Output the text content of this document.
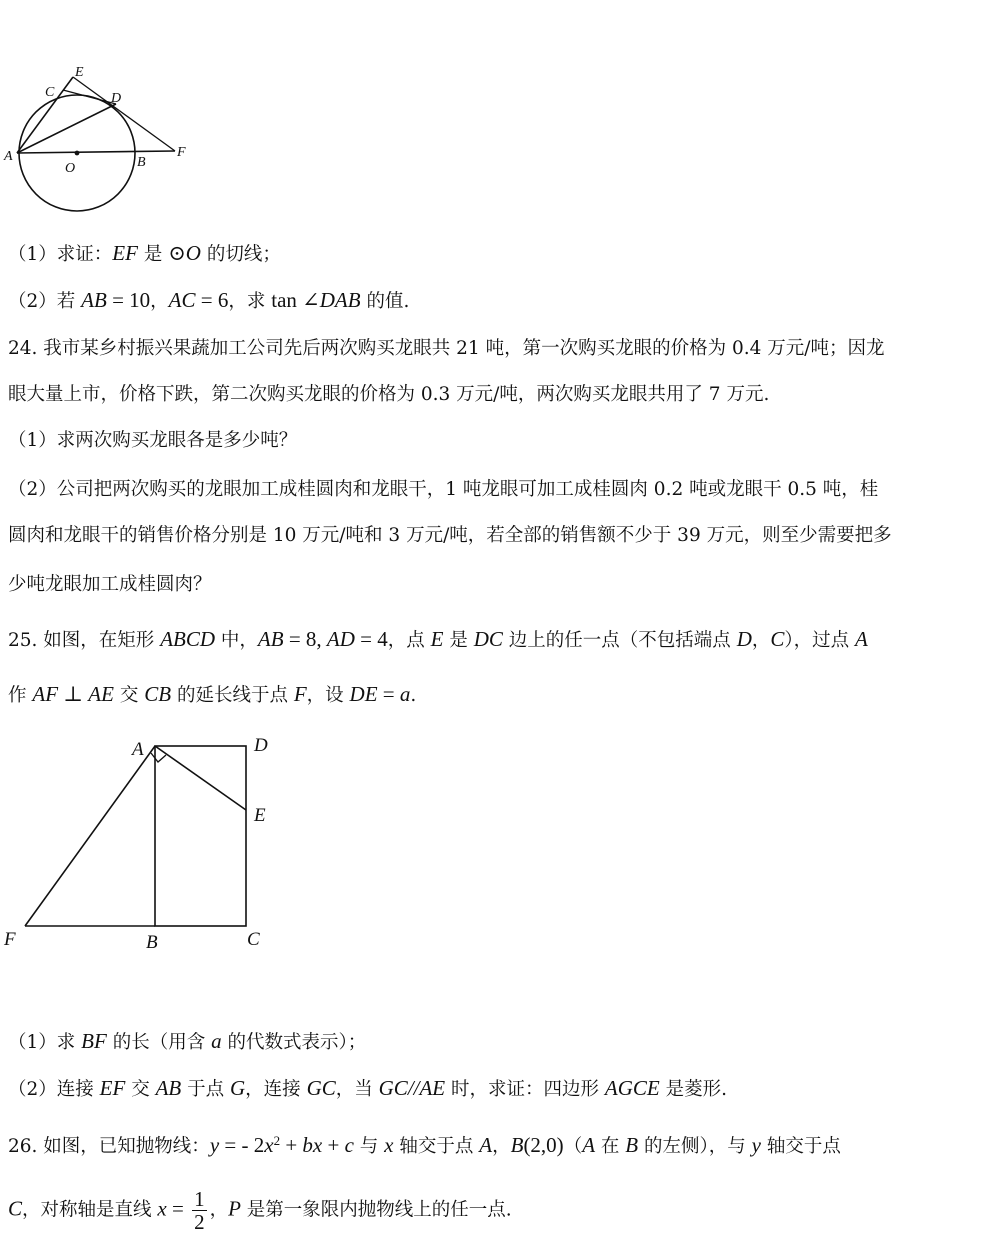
A
C
E
D
O	B
F
（1）求证：EF 是 ⊙O 的切线；
（2）若 AB = 10，AC = 6，求 tan ∠DAB 的值.
24. 我市某乡村振兴果蔬加工公司先后两次购买龙眼共 21 吨，第一次购买龙眼的价格为 0.4 万元/吨；因龙
眼大量上市，价格下跌，第二次购买龙眼的价格为 0.3 万元/吨，两次购买龙眼共用了 7 万元.
（1）求两次购买龙眼各是多少吨？
（2）公司把两次购买的龙眼加工成桂圆肉和龙眼干，1 吨龙眼可加工成桂圆肉 0.2 吨或龙眼干 0.5 吨，桂
圆肉和龙眼干的销售价格分别是 10 万元/吨和 3 万元/吨，若全部的销售额不少于 39 万元，则至少需要把多
少吨龙眼加工成桂圆肉？
25. 如图，在矩形 ABCD 中，AB = 8, AD = 4，点 E 是 DC 边上的任一点（不包括端点 D，C），过点 A
作 AF ⊥ AE 交 CB 的延长线于点 F，设 DE = a.
A	D
E
F	B	C
（1）求 BF 的长（用含 a 的代数式表示）；
（2）连接 EF 交 AB 于点 G，连接 GC，当 GC//AE 时，求证：四边形 AGCE 是菱形.
26. 如图，已知抛物线：y = - $2x^2$ + bx + c 与 x 轴交于点 A，B(2,0)（A 在 B 的左侧），与 y 轴交于点
C，对称轴是直线 $x = \frac{1}{2}$ ，P 是第一象限内抛物线上的任一点.
